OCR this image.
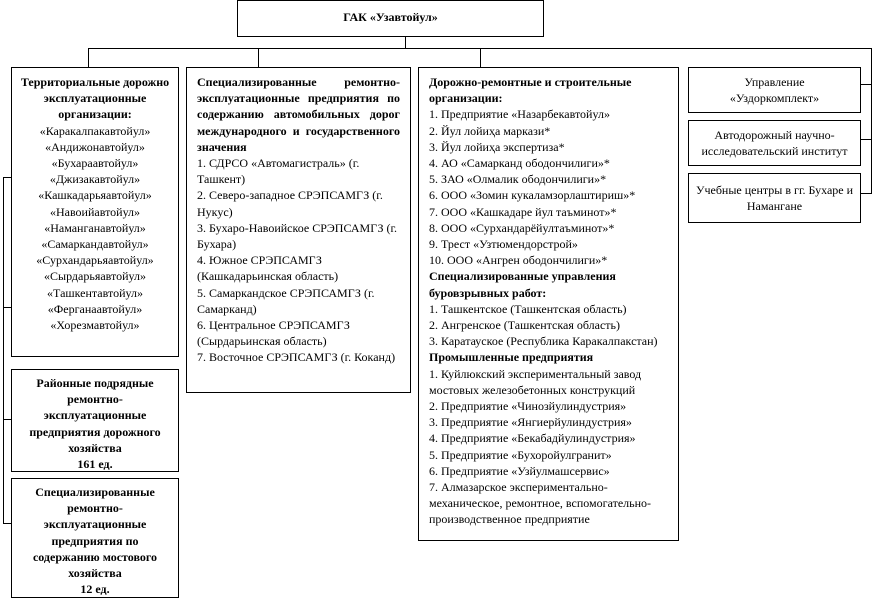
ГАК «Узавтойул»
Территориальные дорожно эксплуатационные организации:
«Каракалпакавтойул»
«Андижонавтойул»
«Бухараавтойул»
«Джизакавтойул»
«Кашкадарьяавтойул»
«Навоийавтойул»
«Наманганавтойул»
«Самаркандавтойул»
«Сурхандарьяавтойул»
«Сырдарьяавтойул»
«Ташкентавтойул»
«Ферганаавтойул»
«Хорезмавтойул»
Районные подрядные ремонтно-эксплуатационные предприятия дорожного хозяйства
161 ед.
Специализированные ремонтно-эксплуатационные предприятия по содержанию мостового хозяйства
12 ед.
Специализированные ремонтно-эксплуатационные предприятия по содержанию автомобильных дорог международного и государственного значения
1. СДРСО «Автомагистраль» (г. Ташкент)
2. Северо-западное СРЭПСАМГЗ (г. Нукус)
3. Бухаро-Навоийское СРЭПСАМГЗ (г. Бухара)
4. Южное СРЭПСАМГЗ (Кашкадарьинская область)
5. Самаркандское СРЭПСАМГЗ (г. Самарканд)
6. Центральное СРЭПСАМГЗ (Сырдарьинская область)
7. Восточное СРЭПСАМГЗ (г. Коканд)
Дорожно-ремонтные и строительные организации:
1. Предприятие «Назарбекавтойул»
2. Йул лойиҳа маркази*
3. Йул лойиҳа экспертиза*
4. АО «Самарканд ободончилиги»*
5. ЗАО «Олмалик ободончилиги»*
6. ООО «Зомин кукаламзорлаштириш»*
7. ООО «Кашкадаре йул таъминот»*
8. ООО «Сурхандарёйултаъминот»*
9. Трест «Узтюмендорстрой»
10. ООО «Ангрен ободончилиги»*
Специализированные управления буровзрывных работ:
1. Ташкентское (Ташкентская область)
2. Ангренское (Ташкентская область)
3. Каратауское (Республика Каракалпакстан)
Промышленные предприятия
1. Куйлюкский экспериментальный завод мостовых железобетонных конструкций
2. Предприятие «Чинозйулиндустрия»
3. Предприятие «Янгиерйулиндустрия»
4. Предприятие «Бекабадйулиндустрия»
5. Предприятие «Бухоройулгранит»
6. Предприятие «Узйулмашсервис»
7. Алмазарское экспериментально-механическое, ремонтное, вспомогательно-производственное предприятие
Управление «Уздоркомплект»
Автодорожный научно-исследовательский институт
Учебные центры в гг. Бухаре и Намангане
